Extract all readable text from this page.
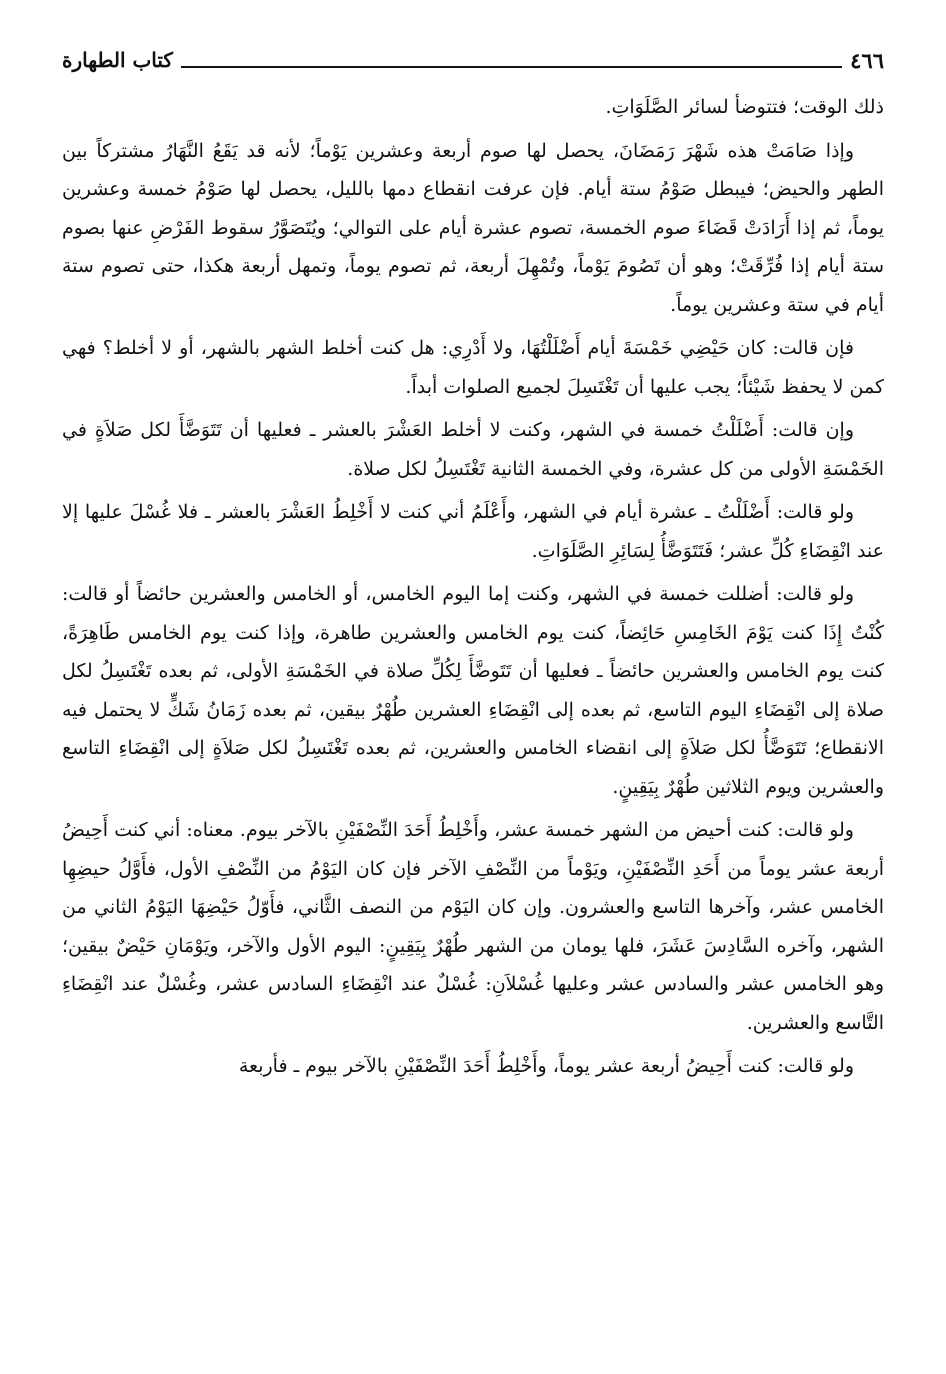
٤٦٦
كتاب الطهارة

ذلك الوقت؛ فتتوضأ لسائر الصَّلَوَاتِ.

وإذا صَامَتْ هذه شَهْرَ رَمَضَانَ، يحصل لها صوم أربعة وعشرين يَوْماً؛ لأنه قد يَقَعُ النَّهَارُ مشتركاً بين الطهر والحيض؛ فيبطل صَوْمُ ستة أيام. فإن عرفت انقطاع دمها بالليل، يحصل لها صَوْمُ خمسة وعشرين يوماً، ثم إذا أَرَادَتْ قَضَاءَ صوم الخمسة، تصوم عشرة أيام على التوالي؛ ويُتَصَوَّرُ سقوط الفَرْضِ عنها بصوم ستة أيام إذا فُرِّقَتْ؛ وهو أن تَصُومَ يَوْماً، وتُمْهِلَ أربعة، ثم تصوم يوماً، وتمهل أربعة هكذا، حتى تصوم ستة أيام في ستة وعشرين يوماً.

فإن قالت: كان حَيْضِي خَمْسَةَ أيام أَضْلَلْتُهَا، ولا أَدْرِي: هل كنت أخلط الشهر بالشهر، أو لا أخلط؟ فهي كمن لا يحفظ شَيْئاً؛ يجب عليها أن تَغْتَسِلَ لجميع الصلوات أبداً.

وإن قالت: أَضْلَلْتُ خمسة في الشهر، وكنت لا أخلط العَشْرَ بالعشر ـ فعليها أن تَتَوَضَّأَ لكل صَلاَةٍ في الخَمْسَةِ الأولى من كل عشرة، وفي الخمسة الثانية تَغْتَسِلُ لكل صلاة.

ولو قالت: أَضْلَلْتُ ـ عشرة أيام في الشهر، وأَعْلَمُ أني كنت لا أَخْلِطُ العَشْرَ بالعشر ـ فلا غُسْلَ عليها إلا عند انْقِضَاءِ كُلِّ عشر؛ فَتَتَوَضَّأُ لِسَائِرِ الصَّلَوَاتِ.

ولو قالت: أضللت خمسة في الشهر، وكنت إما اليوم الخامس، أو الخامس والعشرين حائضاً أو قالت: كُنْتُ إِذَا كنت يَوْمَ الخَامِسِ حَائِضاً، كنت يوم الخامس والعشرين طاهرة، وإذا كنت يوم الخامس طَاهِرَةً، كنت يوم الخامس والعشرين حائضاً ـ فعليها أن تَتَوضَّأَ لِكُلِّ صلاة في الخَمْسَةِ الأولى، ثم بعده تَغْتَسِلُ لكل صلاة إلى انْقِضَاءِ اليوم التاسع، ثم بعده إلى انْقِضَاءِ العشرين طُهْرٌ بيقين، ثم بعده زَمَانُ شَكٍّ لا يحتمل فيه الانقطاع؛ تَتَوَضَّأُ لكل صَلاَةٍ إلى انقضاء الخامس والعشرين، ثم بعده تَغْتَسِلُ لكل صَلاَةٍ إلى انْقِضَاءِ التاسع والعشرين ويوم الثلاثين طُهْرٌ بِيَقِينٍ.

ولو قالت: كنت أحيض من الشهر خمسة عشر، وأَخْلِطُ أَحَدَ النِّصْفَيْنِ بالآخر بيوم. معناه: أني كنت أَحِيضُ أربعة عشر يوماً من أَحَدِ النِّصْفَيْنِ، ويَوْماً من النِّصْفِ الآخر فإن كان اليَوْمُ من النِّصْفِ الأول، فأَوَّلُ حيضِهِا الخامس عشر، وآخرها التاسع والعشرون. وإن كان اليَوْم من النصف الثَّاني، فأَوّلُ حَيْضِهَا اليَوْمُ الثاني من الشهر، وآخره السَّادِسَ عَشَرَ، فلها يومان من الشهر طُهْرٌ بِيَقِينٍ: اليوم الأول والآخر، ويَوْمَانِ حَيْضٌ بيقين؛ وهو الخامس عشر والسادس عشر وعليها غُسْلاَنِ: غُسْلٌ عند انْقِضَاءِ السادس عشر، وغُسْلٌ عند انْقِضَاءِ التَّاسع والعشرين.

ولو قالت: كنت أَحِيضُ أربعة عشر يوماً، وأَخْلِطُ أَحَدَ النِّصْفَيْنِ بالآخر بيوم ـ فأربعة
